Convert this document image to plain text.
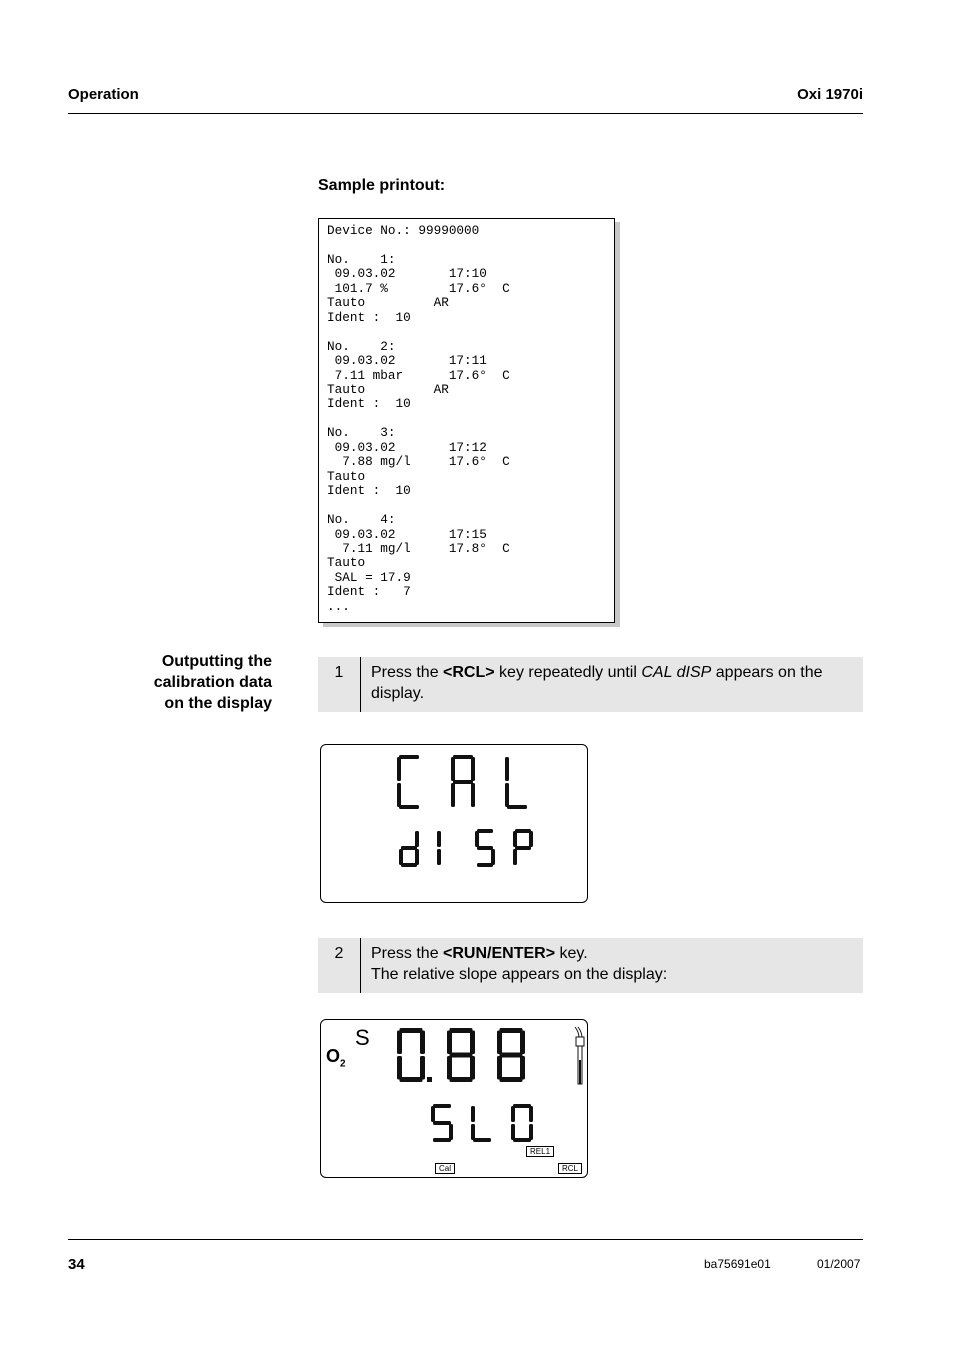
Operation	Oxi 1970i
Sample printout:
Device No.: 99990000

No.    1:
09.03.02       17:10
101.7 %        17.6°  C
Tauto         AR
Ident :  10

No.    2:
09.03.02       17:11
7.11 mbar      17.6°  C
Tauto         AR
Ident :  10

No.    3:
09.03.02       17:12
7.88 mg/l     17.6°  C
Tauto
Ident :  10

No.    4:
09.03.02       17:15
7.11 mg/l     17.8°  C
Tauto
SAL = 17.9
Ident :   7
...
Outputting the
calibration data
on the display
1	Press the <RCL> key repeatedly until CAL dISP appears on the display.
2	Press the <RUN/ENTER> key.
The relative slope appears on the display:
$O_2$
S
REL1
Cal	RCL
34	ba75691e01	01/2007
